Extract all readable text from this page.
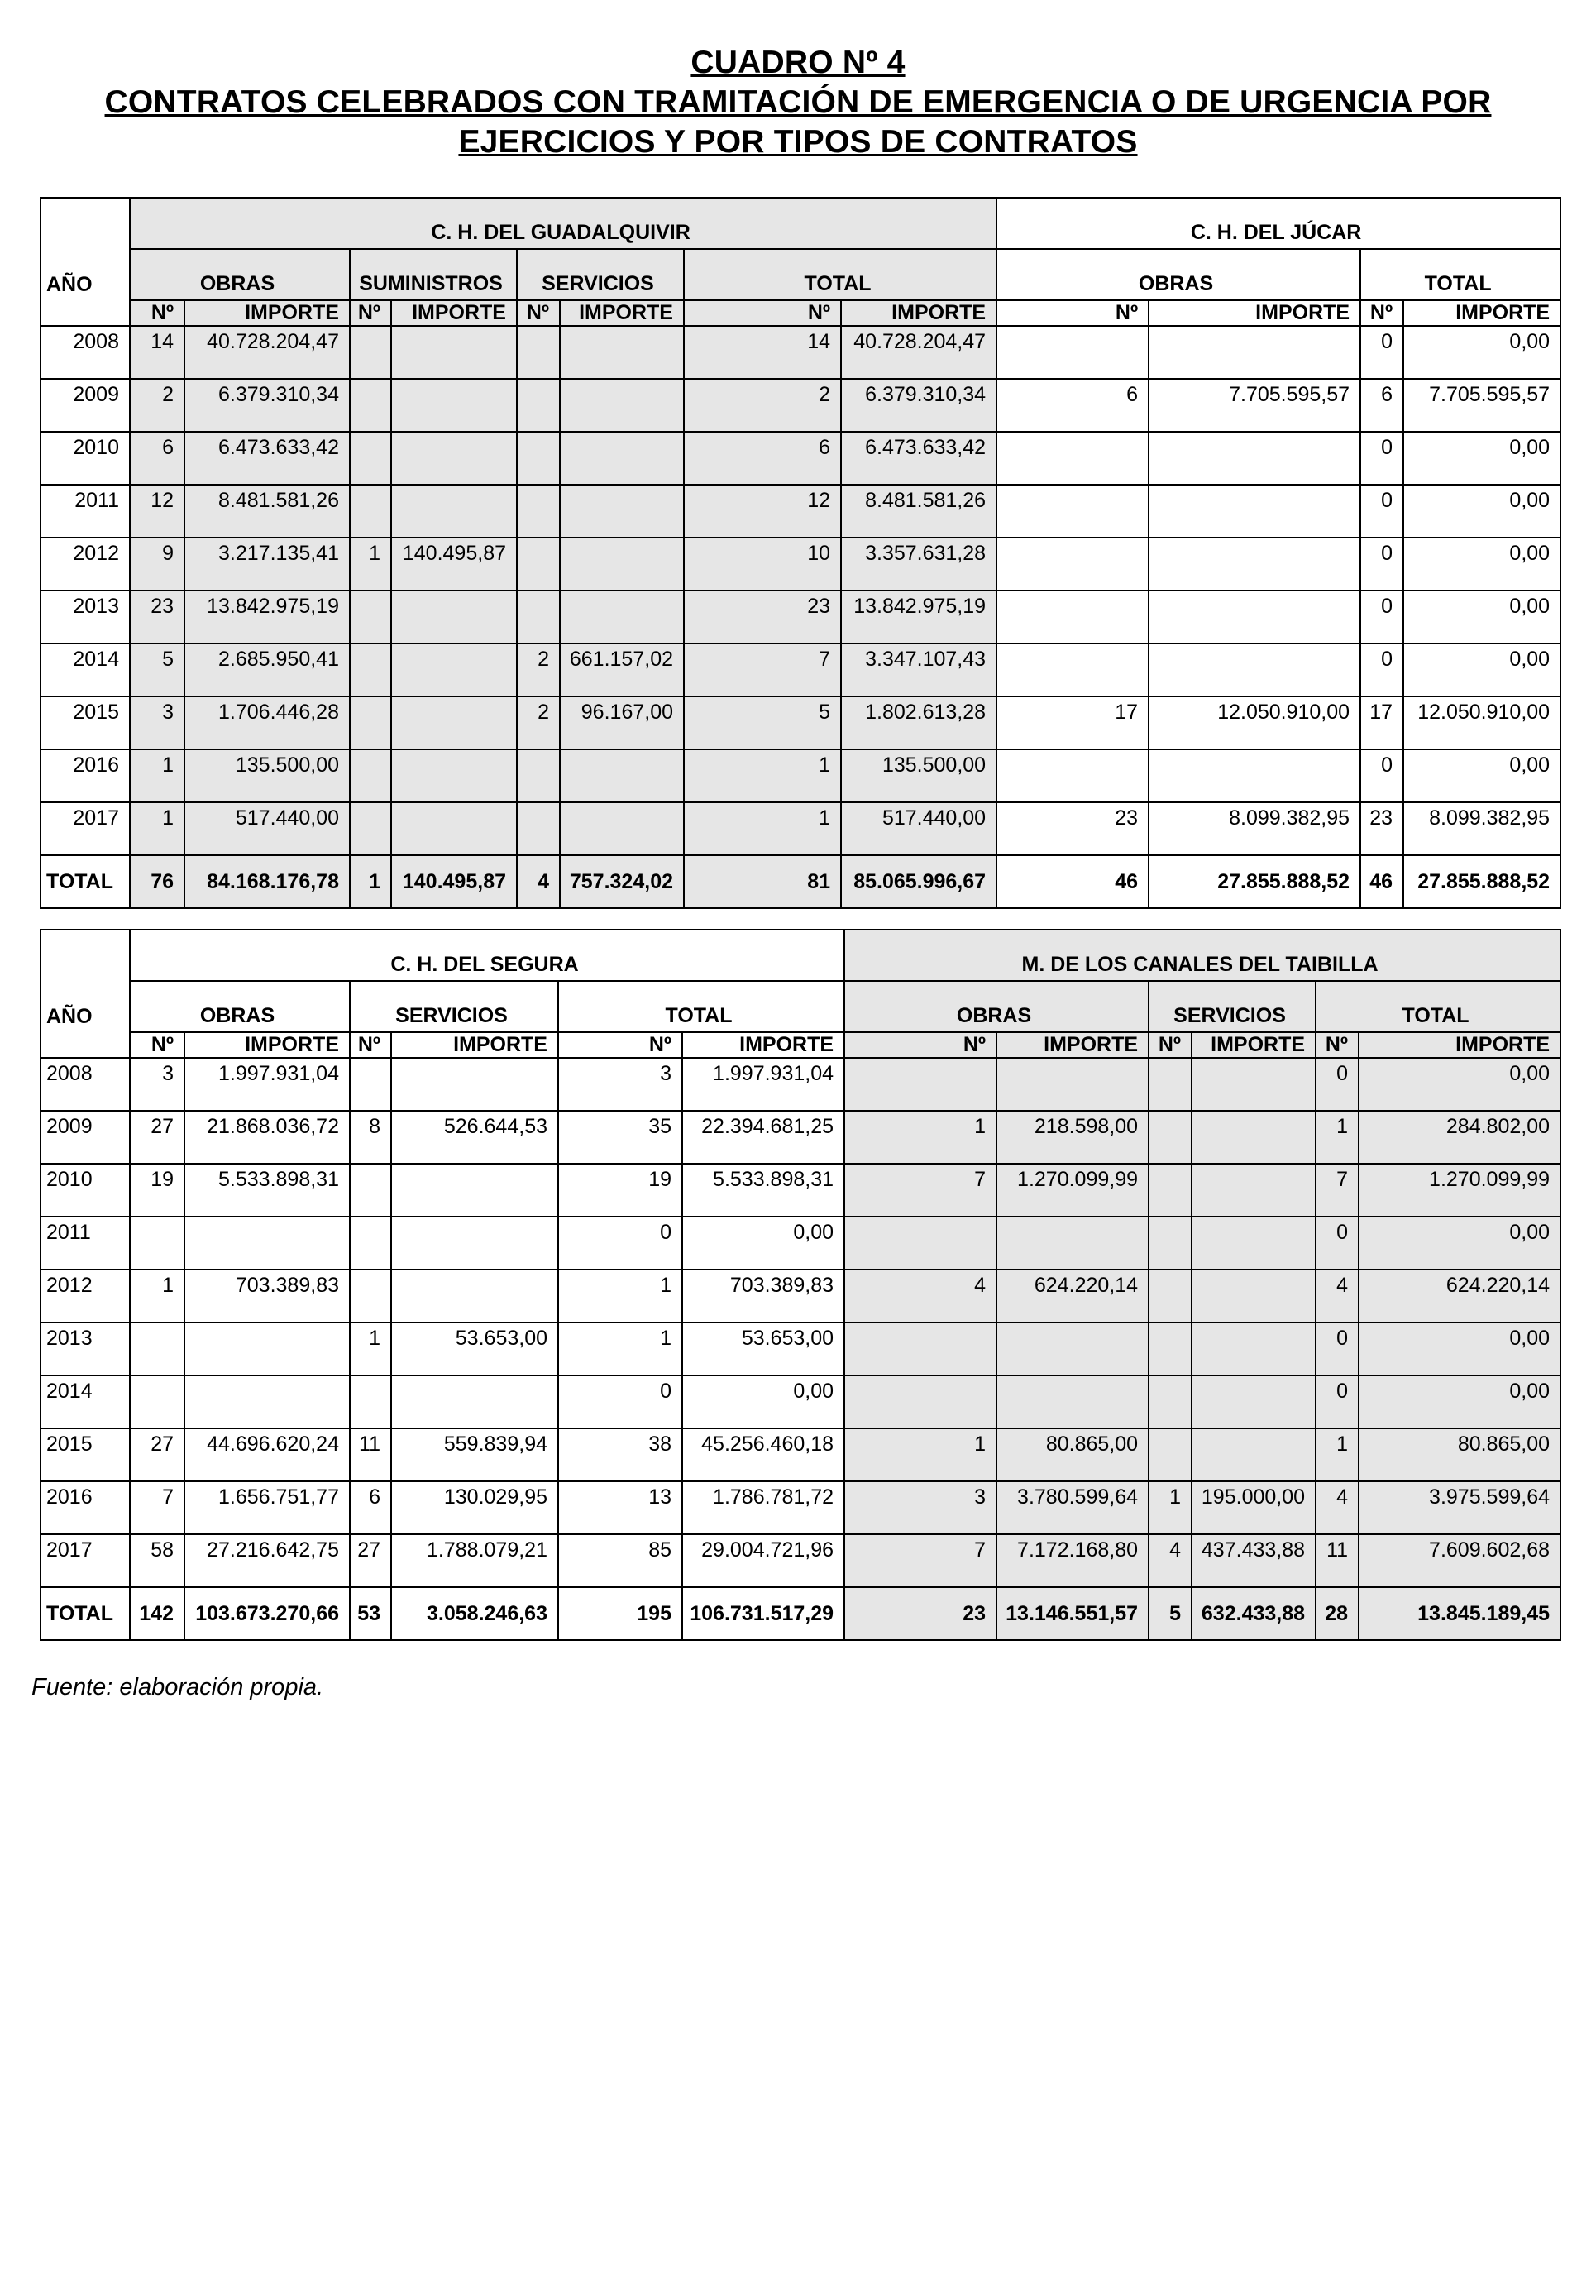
CUADRO Nº 4
CONTRATOS CELEBRADOS CON TRAMITACIÓN DE EMERGENCIA O DE URGENCIA POR
EJERCICIOS Y POR TIPOS DE CONTRATOS
	C. H. DEL GUADALQUIVIR								C. H. DEL JÚCAR			
AÑO	OBRAS		SUMINISTROS		SERVICIOS		TOTAL		OBRAS		TOTAL	
	Nº	IMPORTE	Nº	IMPORTE	Nº	IMPORTE	Nº	IMPORTE	Nº	IMPORTE	Nº	IMPORTE
2008	14	40.728.204,47					14	40.728.204,47			0	0,00
2009	2	6.379.310,34					2	6.379.310,34	6	7.705.595,57	6	7.705.595,57
2010	6	6.473.633,42					6	6.473.633,42			0	0,00
2011	12	8.481.581,26					12	8.481.581,26			0	0,00
2012	9	3.217.135,41	1	140.495,87			10	3.357.631,28			0	0,00
2013	23	13.842.975,19					23	13.842.975,19			0	0,00
2014	5	2.685.950,41			2	661.157,02	7	3.347.107,43			0	0,00
2015	3	1.706.446,28			2	96.167,00	5	1.802.613,28	17	12.050.910,00	17	12.050.910,00
2016	1	135.500,00					1	135.500,00			0	0,00
2017	1	517.440,00					1	517.440,00	23	8.099.382,95	23	8.099.382,95
TOTAL	76	84.168.176,78	1	140.495,87	4	757.324,02	81	85.065.996,67	46	27.855.888,52	46	27.855.888,52
	C. H. DEL SEGURA						M. DE LOS CANALES DEL TAIBILLA					
AÑO	OBRAS		SERVICIOS		TOTAL		OBRAS		SERVICIOS		TOTAL	
	Nº	IMPORTE	Nº	IMPORTE	Nº	IMPORTE	Nº	IMPORTE	Nº	IMPORTE	Nº	IMPORTE
2008	3	1.997.931,04			3	1.997.931,04					0	0,00
2009	27	21.868.036,72	8	526.644,53	35	22.394.681,25	1	218.598,00			1	284.802,00
2010	19	5.533.898,31			19	5.533.898,31	7	1.270.099,99			7	1.270.099,99
2011					0	0,00					0	0,00
2012	1	703.389,83			1	703.389,83	4	624.220,14			4	624.220,14
2013			1	53.653,00	1	53.653,00					0	0,00
2014					0	0,00					0	0,00
2015	27	44.696.620,24	11	559.839,94	38	45.256.460,18	1	80.865,00			1	80.865,00
2016	7	1.656.751,77	6	130.029,95	13	1.786.781,72	3	3.780.599,64	1	195.000,00	4	3.975.599,64
2017	58	27.216.642,75	27	1.788.079,21	85	29.004.721,96	7	7.172.168,80	4	437.433,88	11	7.609.602,68
TOTAL	142	103.673.270,66	53	3.058.246,63	195	106.731.517,29	23	13.146.551,57	5	632.433,88	28	13.845.189,45
Fuente: elaboración propia.
